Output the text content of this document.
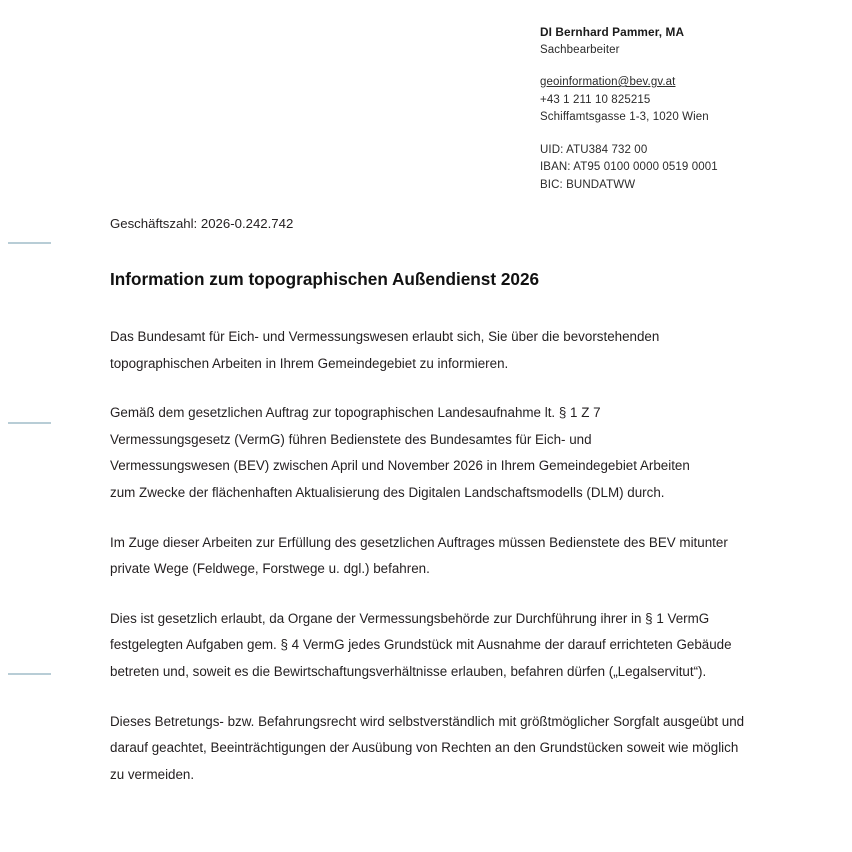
DI Bernhard Pammer, MA
Sachbearbeiter
geoinformation@bev.gv.at
+43 1 211 10 825215
Schiffamtsgasse 1-3, 1020 Wien
UID: ATU384 732 00
IBAN: AT95 0100 0000 0519 0001
BIC: BUNDATWW
Geschäftszahl: 2026-0.242.742
Information zum topographischen Außendienst 2026

Das Bundesamt für Eich- und Vermessungswesen erlaubt sich, Sie über die bevorstehenden topographischen Arbeiten in Ihrem Gemeindegebiet zu informieren.

Gemäß dem gesetzlichen Auftrag zur topographischen Landesaufnahme lt. § 1 Z 7 Vermessungsgesetz (VermG) führen Bedienstete des Bundesamtes für Eich- und Vermessungswesen (BEV) zwischen April und November 2026 in Ihrem Gemeindegebiet Arbeiten zum Zwecke der flächenhaften Aktualisierung des Digitalen Landschaftsmodells (DLM) durch.

Im Zuge dieser Arbeiten zur Erfüllung des gesetzlichen Auftrages müssen Bedienstete des BEV mitunter private Wege (Feldwege, Forstwege u. dgl.) befahren.

Dies ist gesetzlich erlaubt, da Organe der Vermessungsbehörde zur Durchführung ihrer in § 1 VermG festgelegten Aufgaben gem. § 4 VermG jedes Grundstück mit Ausnahme der darauf errichteten Gebäude betreten und, soweit es die Bewirtschaftungsverhältnisse erlauben, befahren dürfen („Legalservitut“).

Dieses Betretungs- bzw. Befahrungsrecht wird selbstverständlich mit größtmöglicher Sorgfalt ausgeübt und darauf geachtet, Beeinträchtigungen der Ausübung von Rechten an den Grundstücken soweit wie möglich zu vermeiden.
